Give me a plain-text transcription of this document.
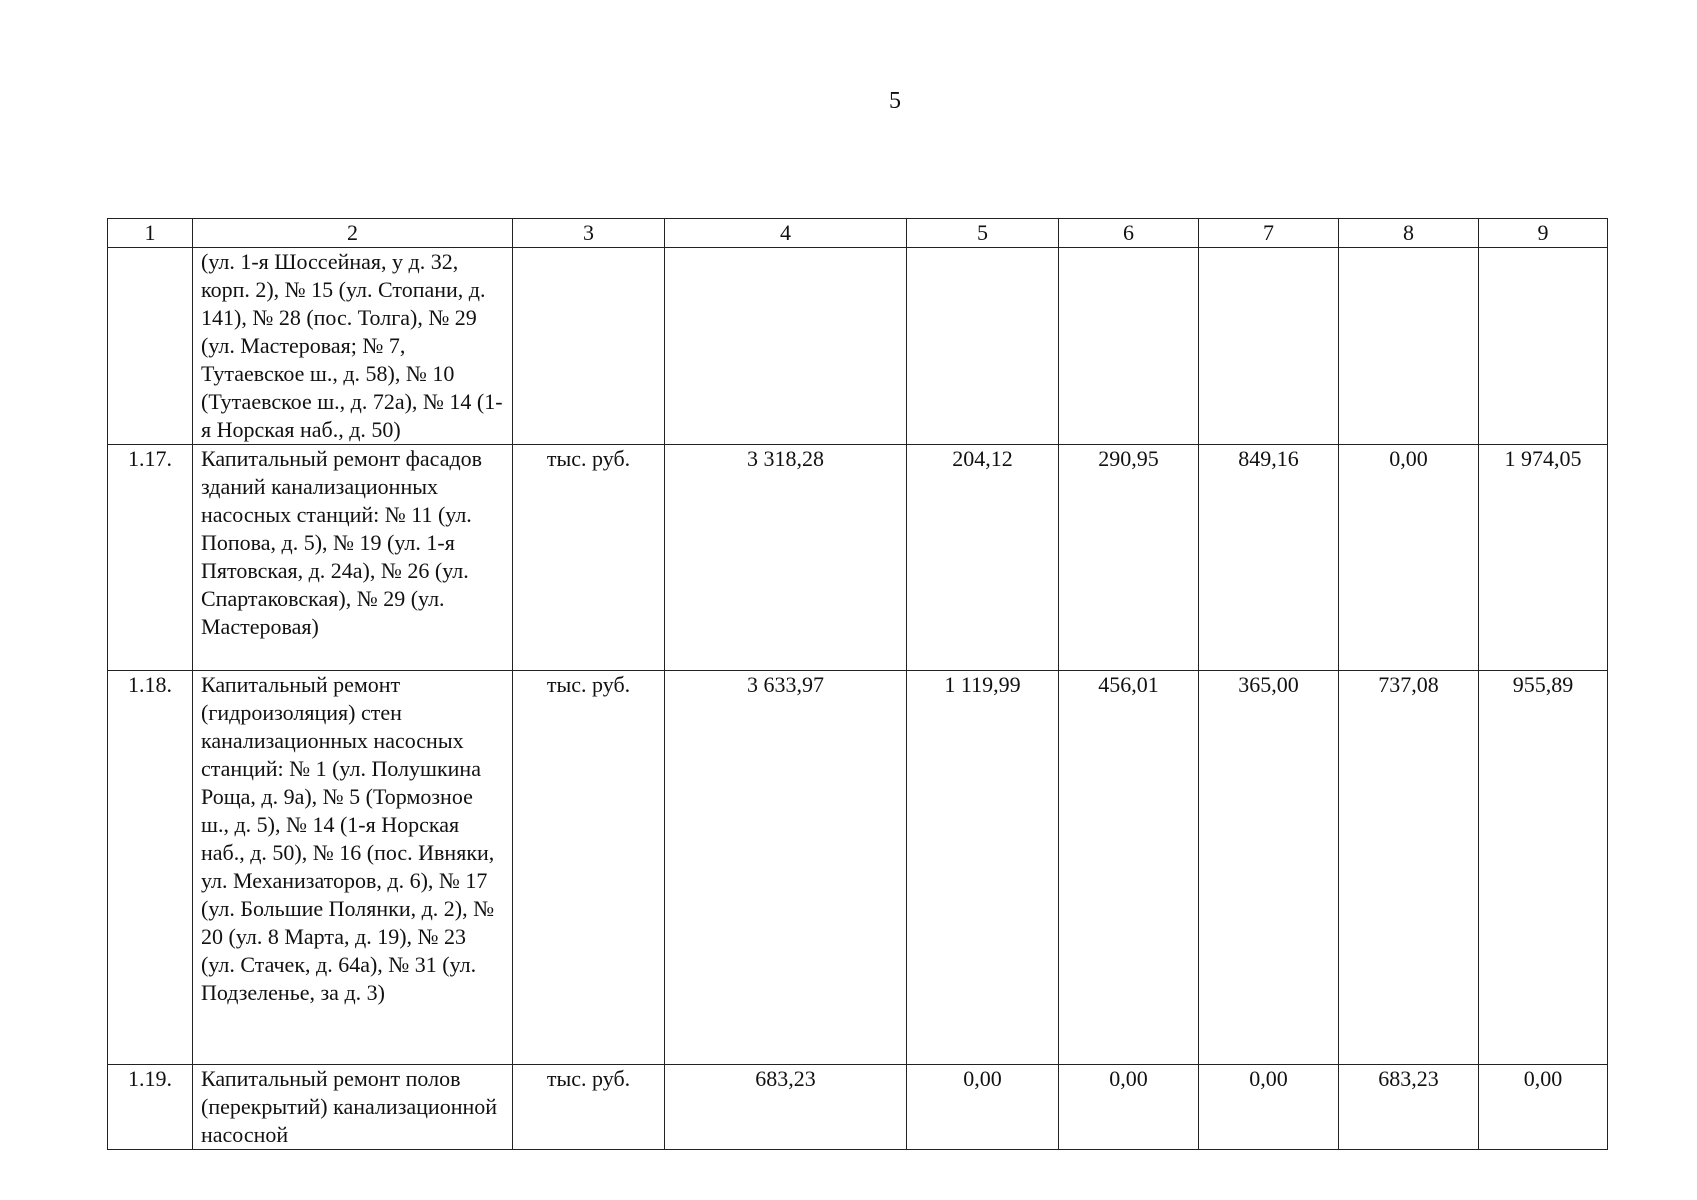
5
1	2	3	4	5	6	7	8	9
	(ул. 1-я Шоссейная, у д. 32, корп. 2), № 15 (ул. Стопани, д. 141), № 28 (пос. Толга), № 29 (ул. Мастеровая; № 7, Тутаевское ш., д. 58), № 10 (Тутаевское ш., д. 72а), № 14 (1-я Норская наб., д. 50)							
1.17.	Капитальный ремонт фасадов зданий канализационных насосных станций: № 11 (ул. Попова, д. 5), № 19 (ул. 1-я Пятовская, д. 24а), № 26 (ул. Спартаковская), № 29 (ул. Мастеровая)	тыс. руб.	3 318,28	204,12	290,95	849,16	0,00	1 974,05
1.18.	Капитальный ремонт (гидроизоляция) стен канализационных насосных станций: № 1 (ул. Полушкина Роща, д. 9а), № 5 (Тормозное ш., д. 5), № 14 (1-я Норская наб., д. 50), № 16 (пос. Ивняки, ул. Механизаторов, д. 6), № 17 (ул. Большие Полянки, д. 2), № 20 (ул. 8 Марта, д. 19), № 23 (ул. Стачек, д. 64а), № 31 (ул. Подзеленье, за д. 3)	тыс. руб.	3 633,97	1 119,99	456,01	365,00	737,08	955,89
1.19.	Капитальный ремонт полов (перекрытий) канализационной насосной	тыс. руб.	683,23	0,00	0,00	0,00	683,23	0,00
